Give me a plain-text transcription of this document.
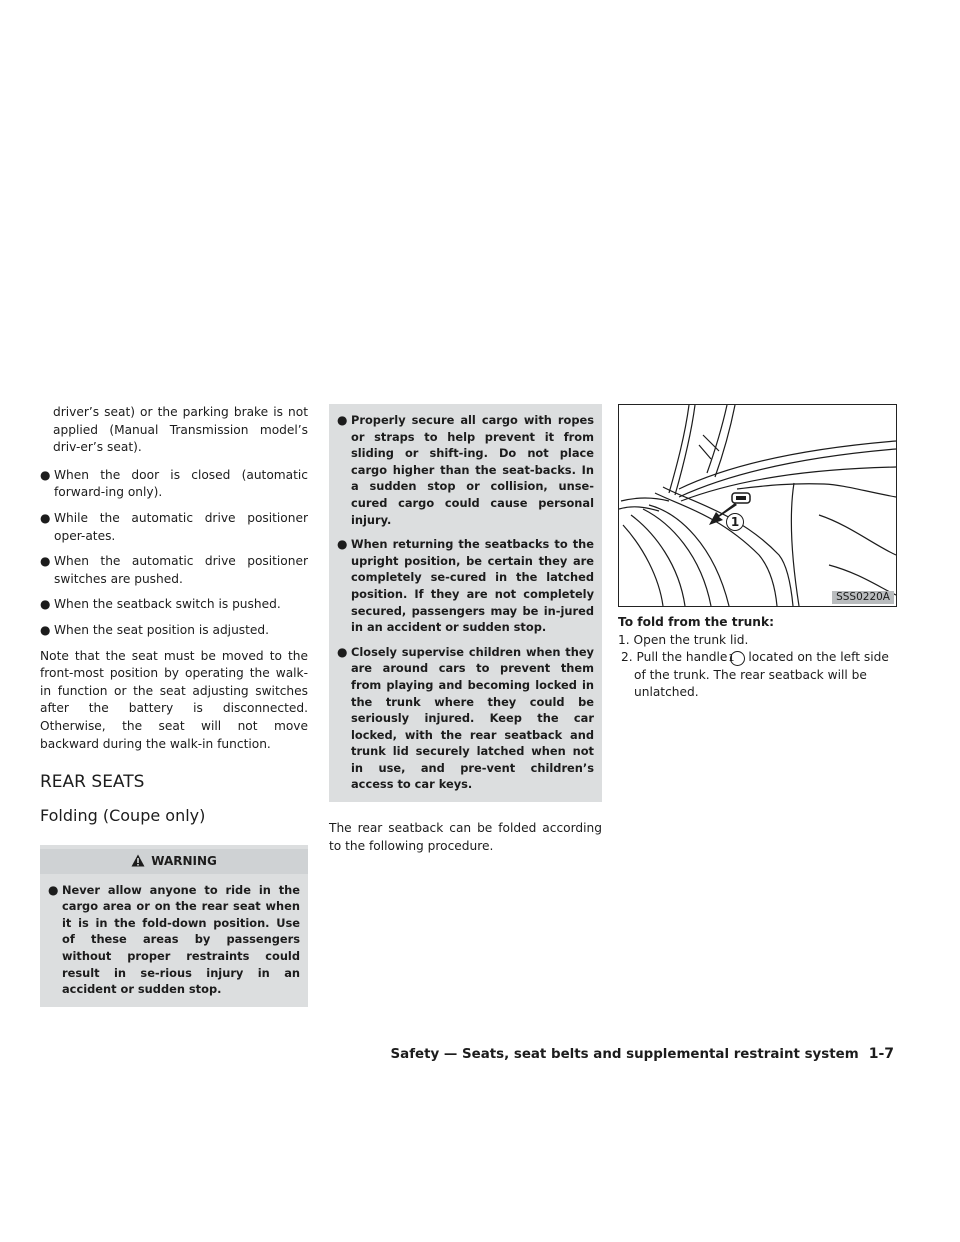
driver’s seat) or the parking brake is not applied (Manual Transmission model’s driv-er’s seat).

● When the door is closed (automatic forward-ing only).
● While the automatic drive positioner oper-ates.
● When the automatic drive positioner switches are pushed.
● When the seatback switch is pushed.
● When the seat position is adjusted.

Note that the seat must be moved to the front-most position by operating the walk-in function or the seat adjusting switches after the battery is disconnected. Otherwise, the seat will not move backward during the walk-in function.

REAR SEATS
Folding (Coupe only)
WARNING
● Never allow anyone to ride in the cargo area or on the rear seat when it is in the fold-down position. Use of these areas by passengers without proper restraints could result in se-rious injury in an accident or sudden stop.
● Properly secure all cargo with ropes or straps to help prevent it from sliding or shift-ing. Do not place cargo higher than the seat-backs. In a sudden stop or collision, unse-cured cargo could cause personal injury.
● When returning the seatbacks to the upright position, be certain they are completely se-cured in the latched position. If they are not completely secured, passengers may be in-jured in an accident or sudden stop.
● Closely supervise children when they are around cars to prevent them from playing and becoming locked in the trunk where they could be seriously injured. Keep the car locked, with the rear seatback and trunk lid securely latched when not in use, and pre-vent children’s access to car keys.

The rear seatback can be folded according to the following procedure.

1
SSS0220A

To fold from the trunk:

1. Open the trunk lid.

2. Pull the handle1 located on the left side of the trunk. The rear seatback will be unlatched.

Safety — Seats, seat belts and supplemental restraint system 1-7
